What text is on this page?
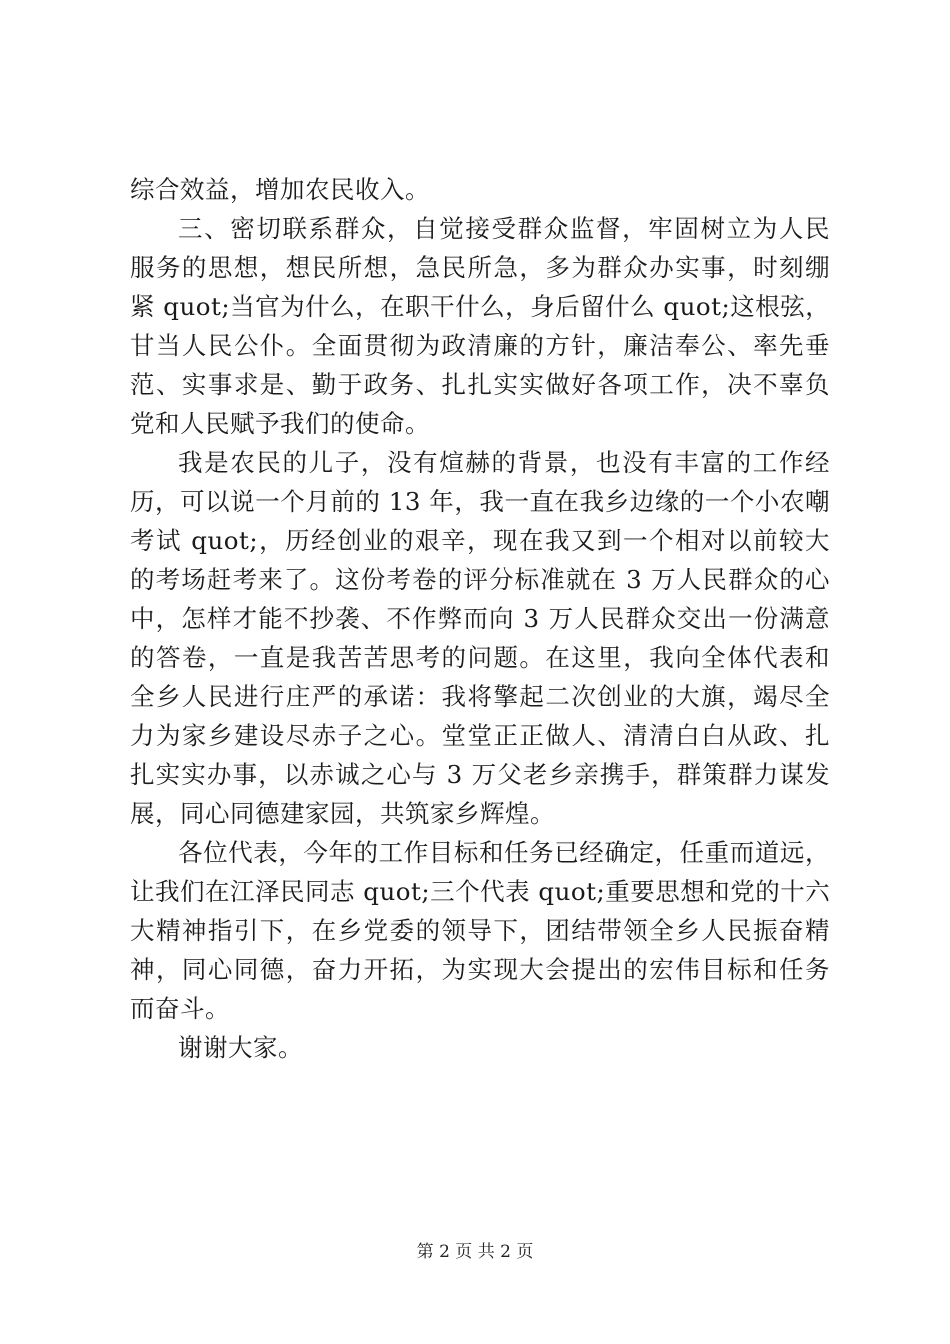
综合效益，增加农民收入。
三、密切联系群众，自觉接受群众监督，牢固树立为人民
服务的思想，想民所想，急民所急，多为群众办实事，时刻绷
紧 quot;当官为什么，在职干什么，身后留什么 quot;这根弦，
甘当人民公仆。全面贯彻为政清廉的方针，廉洁奉公、率先垂
范、实事求是、勤于政务、扎扎实实做好各项工作，决不辜负
党和人民赋予我们的使命。
我是农民的儿子，没有煊赫的背景，也没有丰富的工作经
历，可以说一个月前的 13 年，我一直在我乡边缘的一个小农嘲
考试 quot;，历经创业的艰辛，现在我又到一个相对以前较大
的考场赶考来了。这份考卷的评分标准就在 3 万人民群众的心
中，怎样才能不抄袭、不作弊而向 3 万人民群众交出一份满意
的答卷，一直是我苦苦思考的问题。在这里，我向全体代表和
全乡人民进行庄严的承诺：我将擎起二次创业的大旗，竭尽全
力为家乡建设尽赤子之心。堂堂正正做人、清清白白从政、扎
扎实实办事，以赤诚之心与 3 万父老乡亲携手，群策群力谋发
展，同心同德建家园，共筑家乡辉煌。
各位代表，今年的工作目标和任务已经确定，任重而道远，
让我们在江泽民同志 quot;三个代表 quot;重要思想和党的十六
大精神指引下，在乡党委的领导下，团结带领全乡人民振奋精
神，同心同德，奋力开拓，为实现大会提出的宏伟目标和任务
而奋斗。
谢谢大家。
第 2 页 共 2 页
